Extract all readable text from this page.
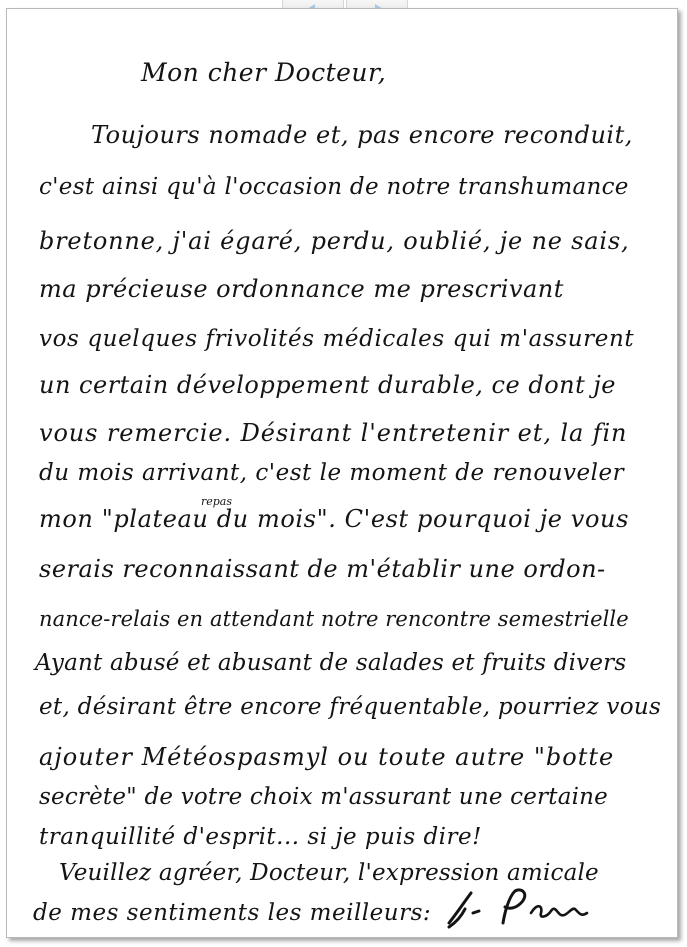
Mon cher Docteur,
Toujours nomade et, pas encore reconduit,
c'est ainsi qu'à l'occasion de notre transhumance
bretonne, j'ai égaré, perdu, oublié, je ne sais,
ma précieuse ordonnance me prescrivant
vos quelques frivolités médicales qui m'assurent
un certain développement durable, ce dont je
vous remercie. Désirant l'entretenir et, la fin
du mois arrivant, c'est le moment de renouveler
repas
mon "plateau du mois". C'est pourquoi je vous
serais reconnaissant de m'établir une ordon-
nance-relais en attendant notre rencontre semestrielle
Ayant abusé et abusant de salades et fruits divers
et, désirant être encore fréquentable, pourriez vous
ajouter Météospasmyl ou toute autre "botte
secrète" de votre choix m'assurant une certaine
tranquillité d'esprit... si je puis dire!
Veuillez agréer, Docteur, l'expression amicale
de mes sentiments les meilleurs:
